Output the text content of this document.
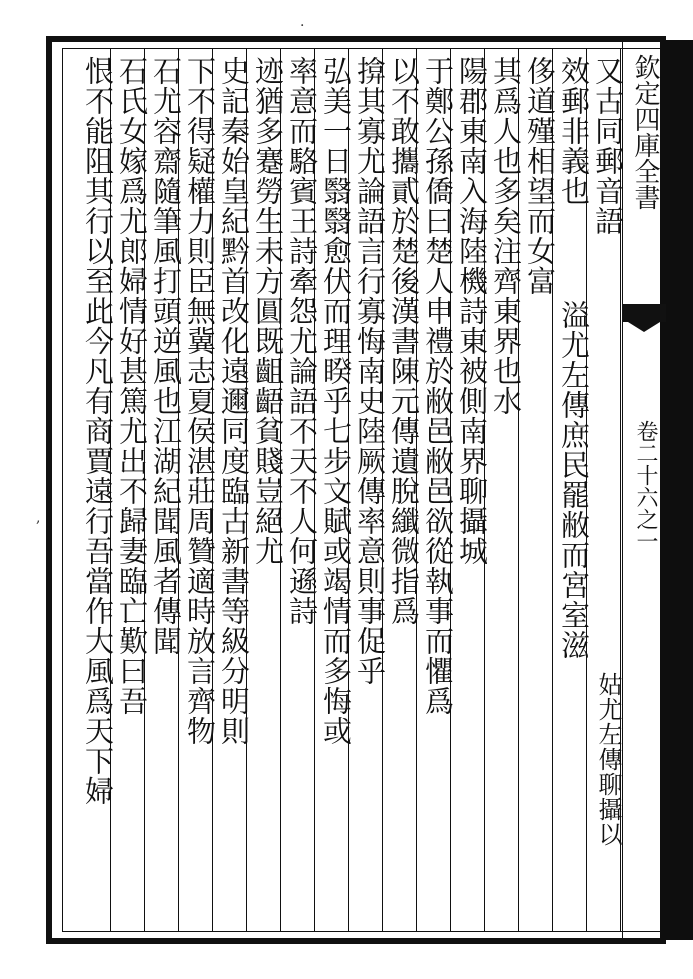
欽定四庫全書
卷二十六之一
又古同郵音語
效郵非義也
溢尤左傳庶民罷敝而宮室滋
侈道殣相望而女富
其爲人也多矣注齊東界也水
陽郡東南入海陸機詩東被側南界聊攝城
于鄭公孫僑曰楚人申禮於敝邑敝邑欲從執事而懼爲
以不敢攜貳於楚後漢書陳元傳遺脫纖微指爲
揜其寡尤論語言行寡悔南史陸厥傳率意則事促乎
弘美一日翳翳愈伏而理睽乎七步文賦或竭情而多悔或
率意而駱賓王詩牽怨尤論語不天不人何遜詩
迹猶多蹇勞生未方圓既齟齬貧賤豈絕尤
史記秦始皇紀黔首改化遠邇同度臨古新書等級分明則
下不得疑權力則臣無冀志夏侯湛莊周贊適時放言齊物
石尤容齋隨筆風打頭逆風也江湖紀聞風者傳聞
石氏女嫁爲尤郎婦情好甚篤尤出不歸妻臨亡歎曰吾
恨不能阻其行以至此今凡有商賈遠行吾當作大風爲天下婦
·
,
姑尤左傳聊攝以
